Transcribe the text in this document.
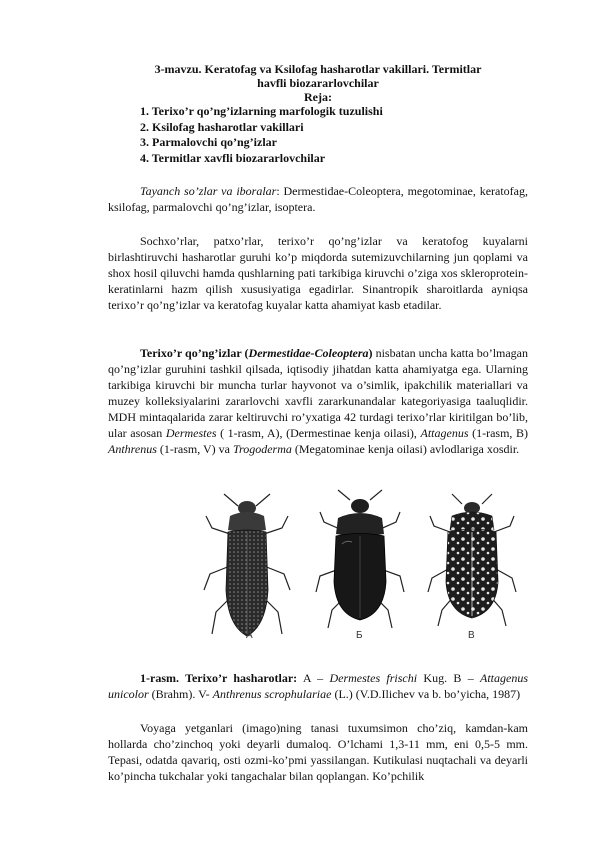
3-mavzu. Keratofag va Ksilofag hasharotlar vakillari. Termitlar
havfli biozararlovchilar
Reja:
1. Terixo’r qo’ng’izlarning marfologik tuzulishi
2. Ksilofag hasharotlar vakillari
3. Parmalovchi qo’ng’izlar
4. Termitlar xavfli biozararlovchilar

Tayanch so’zlar va iboralar: Dermestidae-Coleoptera, megotominae, keratofag, ksilofag, parmalovchi qo’ng’izlar, isoptera.

Sochxo’rlar, patxo’rlar, terixo’r qo’ng’izlar va keratofog kuyalarni birlashtiruvchi hasharotlar guruhi ko’p miqdorda sutemizuvchilarning jun qoplami va shox hosil qiluvchi hamda qushlarning pati tarkibiga kiruvchi o’ziga xos skleroprotein-keratinlarni hazm qilish xususiyatiga egadirlar. Sinantropik sharoitlarda ayniqsa terixo’r qo’ng’izlar va keratofag kuyalar katta ahamiyat kasb etadilar.

Terixo’r qo’ng’izlar (Dermestidae-Coleoptera) nisbatan uncha katta bo’lmagan qo’ng’izlar guruhini tashkil qilsada, iqtisodiy jihatdan katta ahamiyatga ega. Ularning tarkibiga kiruvchi bir muncha turlar hayvonot va o’simlik, ipakchilik materiallari va muzey kolleksiyalarini zararlovchi xavfli zararkunandalar kategoriyasiga taaluqlidir. MDH mintaqalarida zarar keltiruvchi ro’yxatiga 42 turdagi terixo’rlar kiritilgan bo’lib, ular asosan Dermestes ( 1-rasm, A), (Dermestinae kenja oilasi), Attagenus (1-rasm, B) Anthrenus (1-rasm, V) va Trogoderma (Megatominae kenja oilasi) avlodlariga xosdir.

A	Б	В

1-rasm. Terixo’r hasharotlar: A – Dermestes frischi Kug. B – Attagenus unicolor (Brahm). V- Anthrenus scrophulariae (L.) (V.D.Ilichev va b. bo’yicha, 1987)

Voyaga yetganlari (imago)ning tanasi tuxumsimon cho’ziq, kamdan-kam hollarda cho’zinchoq yoki deyarli dumaloq. O’lchami 1,3-11 mm, eni 0,5-5 mm. Tepasi, odatda qavariq, osti ozmi-ko’pmi yassilangan. Kutikulasi nuqtachali va deyarli ko’pincha tukchalar yoki tangachalar bilan qoplangan. Ko’pchilik
